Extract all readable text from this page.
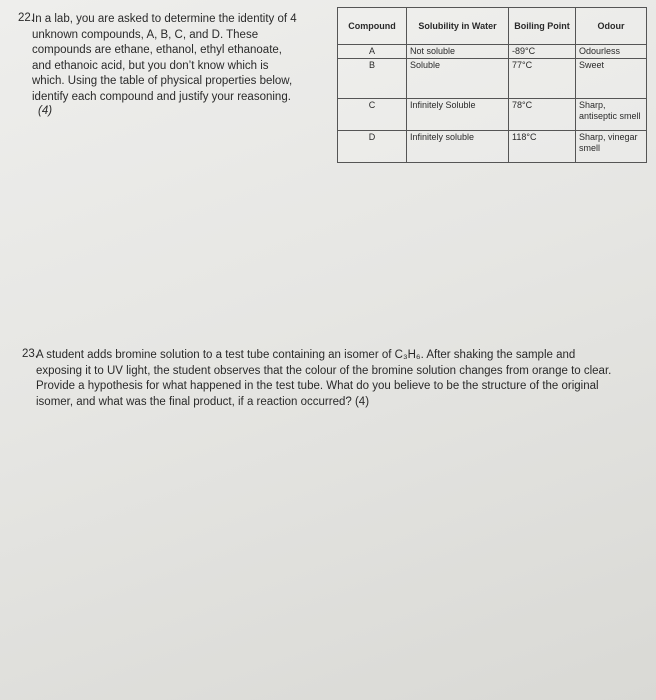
22.
In a lab, you are asked to determine the identity of 4
unknown compounds, A, B, C, and D. These
compounds are ethane, ethanol, ethyl ethanoate,
and ethanoic acid, but you don’t know which is
which. Using the table of physical properties below,
identify each compound and justify your reasoning.
(4)
Compound	Solubility in Water	Boiling Point	Odour
A	Not soluble	-89°C	Odourless
B	Soluble	77°C	Sweet
C	Infinitely Soluble	78°C	Sharp, antiseptic smell
D	Infinitely soluble	118°C	Sharp, vinegar smell
23.
A student adds bromine solution to a test tube containing an isomer of C₃H₆. After shaking the sample and
exposing it to UV light, the student observes that the colour of the bromine solution changes from orange to clear.
Provide a hypothesis for what happened in the test tube. What do you believe to be the structure of the original
isomer, and what was the final product, if a reaction occurred? (4)
